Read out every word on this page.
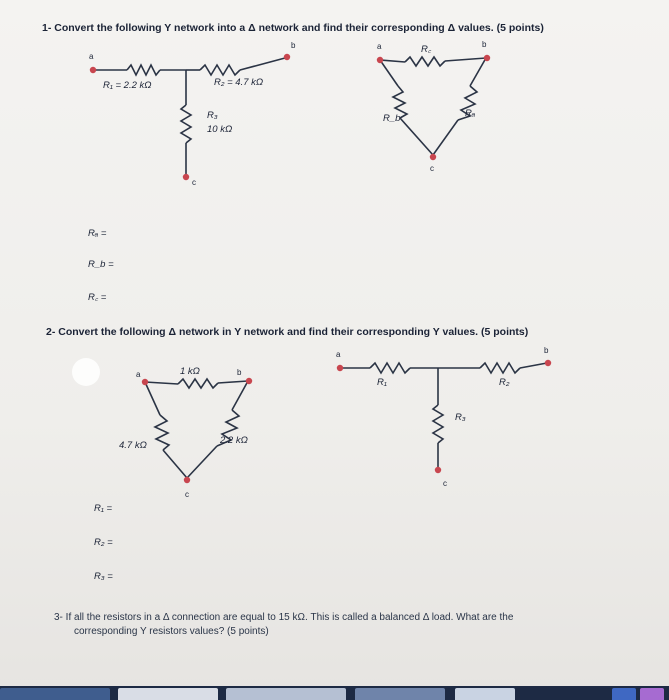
1- Convert the following Y network into a Δ network and find their corresponding Δ values. (5 points)
a
b
c
R₁ = 2.2 kΩ	R₂ = 4.7 kΩ
R₃
10 kΩ
a	b
c
R꜀
R_b	Rₐ
Rₐ =
R_b =
R꜀ =
2- Convert the following Δ network in Y network and find their corresponding Y values. (5 points)
a	b
c
1 kΩ
4.7 kΩ	2.2 kΩ
a	b
c
R₁	R₂
R₃
R₁ =
R₂ =
R₃ =
3- If all the resistors in a Δ connection are equal to 15 kΩ. This is called a balanced Δ load. What are the
corresponding Y resistors values? (5 points)
